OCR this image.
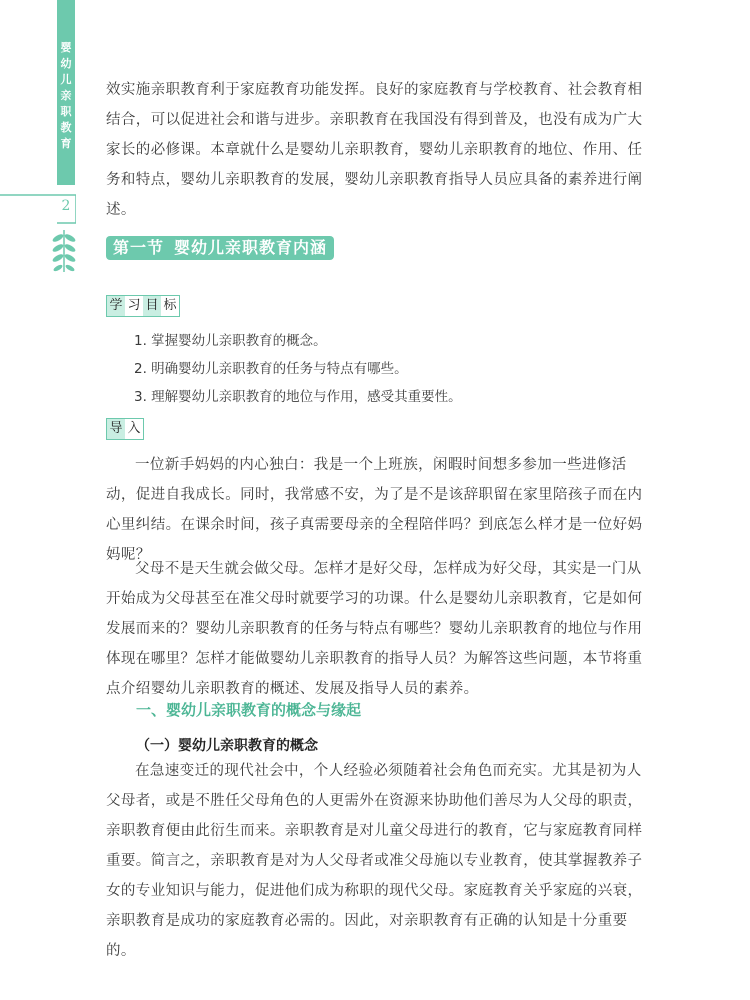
婴幼儿亲职教育
2

效实施亲职教育利于家庭教育功能发挥。良好的家庭教育与学校教育、社会教育相结合，可以促进社会和谐与进步。亲职教育在我国没有得到普及，也没有成为广大家长的必修课。本章就什么是婴幼儿亲职教育，婴幼儿亲职教育的地位、作用、任务和特点，婴幼儿亲职教育的发展，婴幼儿亲职教育指导人员应具备的素养进行阐述。

第一节 婴幼儿亲职教育内涵
学 习 目 标
1. 掌握婴幼儿亲职教育的概念。
2. 明确婴幼儿亲职教育的任务与特点有哪些。
3. 理解婴幼儿亲职教育的地位与作用，感受其重要性。
导 入

一位新手妈妈的内心独白：我是一个上班族，闲暇时间想多参加一些进修活动，促进自我成长。同时，我常感不安，为了是不是该辞职留在家里陪孩子而在内心里纠结。在课余时间，孩子真需要母亲的全程陪伴吗？到底怎么样才是一位好妈妈呢？

父母不是天生就会做父母。怎样才是好父母，怎样成为好父母，其实是一门从开始成为父母甚至在准父母时就要学习的功课。什么是婴幼儿亲职教育，它是如何发展而来的？婴幼儿亲职教育的任务与特点有哪些？婴幼儿亲职教育的地位与作用体现在哪里？怎样才能做婴幼儿亲职教育的指导人员？为解答这些问题，本节将重点介绍婴幼儿亲职教育的概述、发展及指导人员的素养。

一、婴幼儿亲职教育的概念与缘起
（一）婴幼儿亲职教育的概念

在急速变迁的现代社会中，个人经验必须随着社会角色而充实。尤其是初为人父母者，或是不胜任父母角色的人更需外在资源来协助他们善尽为人父母的职责，亲职教育便由此衍生而来。亲职教育是对儿童父母进行的教育，它与家庭教育同样重要。简言之，亲职教育是对为人父母者或准父母施以专业教育，使其掌握教养子女的专业知识与能力，促进他们成为称职的现代父母。家庭教育关乎家庭的兴衰，亲职教育是成功的家庭教育必需的。因此，对亲职教育有正确的认知是十分重要的。
